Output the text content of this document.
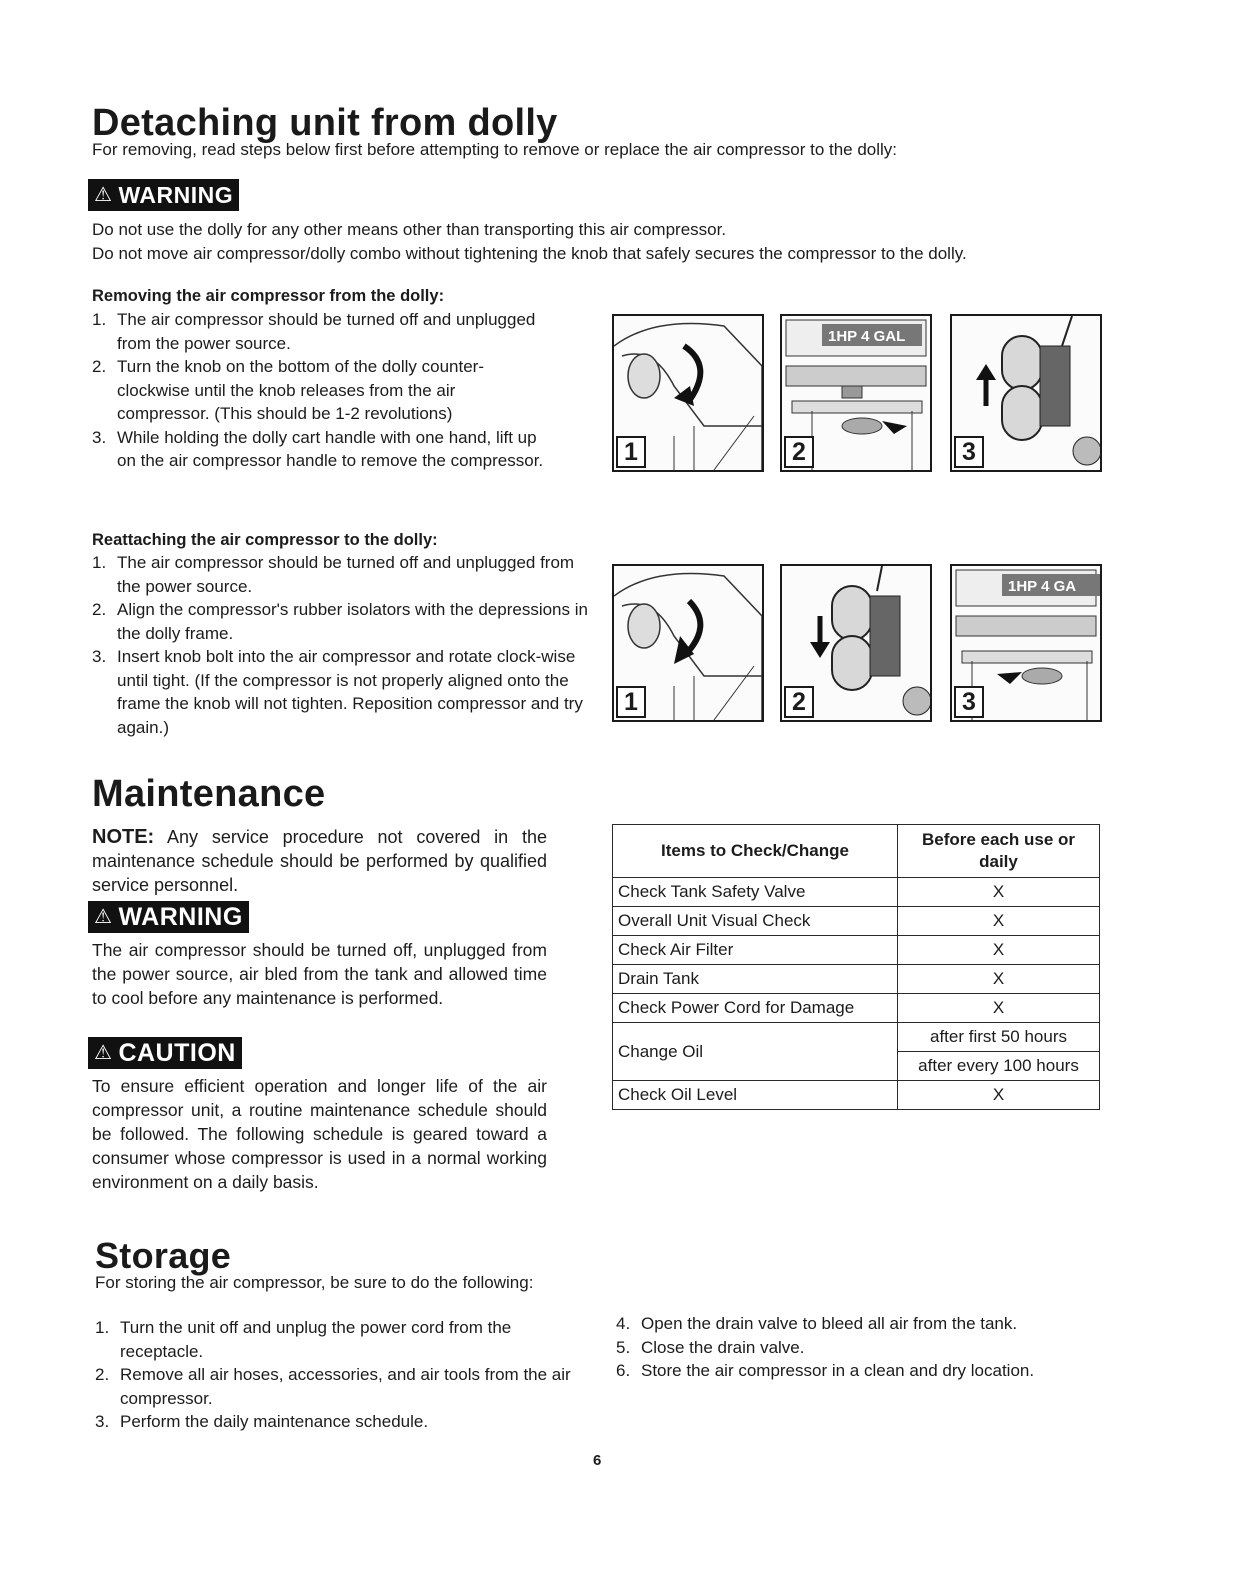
Detaching unit from dolly
For removing, read steps below first before attempting to remove or replace the air compressor to the dolly:
⚠ WARNING
Do not use the dolly for any other means other than transporting this air compressor.
Do not move air compressor/dolly combo without tightening the knob that safely secures the compressor to the dolly.
Removing the air compressor from the dolly:
1. The air compressor should be turned off and unplugged from the power source.
2. Turn the knob on the bottom of the dolly counter-clockwise until the knob releases from the air compressor. (This should be 1-2 revolutions)
3. While holding the dolly cart handle with one hand, lift up on the air compressor handle to remove the compressor.	1
1HP 4 GAL
2	3
Reattaching the air compressor to the dolly:
1. The air compressor should be turned off and unplugged from the power source.
2. Align the compressor's rubber isolators with the depressions in the dolly frame.
3. Insert knob bolt into the air compressor and rotate clock-wise until tight. (If the compressor is not properly aligned onto the frame the knob will not tighten. Reposition compressor and try again.)
1	2
1HP 4 GA
3
Maintenance
NOTE: Any service procedure not covered in the maintenance schedule should be performed by qualified service personnel.
⚠ WARNING
The air compressor should be turned off, unplugged from the power source, air bled from the tank and allowed time to cool before any maintenance is performed.
⚠ CAUTION
To ensure efficient operation and longer life of the air compressor unit, a routine maintenance schedule should be followed. The following schedule is geared toward a consumer whose compressor is used in a normal working environment on a daily basis.
Items to Check/Change	Before each use or daily
Check Tank Safety Valve	X
Overall Unit Visual Check	X
Check Air Filter	X
Drain Tank	X
Check Power Cord for Damage	X
Change Oil	after first 50 hours
	after every 100 hours
Check Oil Level	X
Storage
For storing the air compressor, be sure to do the following:
1. Turn the unit off and unplug the power cord from the receptacle.
2. Remove all air hoses, accessories, and air tools from the air compressor.
3. Perform the daily maintenance schedule.
4. Open the drain valve to bleed all air from the tank.
5. Close the drain valve.
6. Store the air compressor in a clean and dry location.
6
